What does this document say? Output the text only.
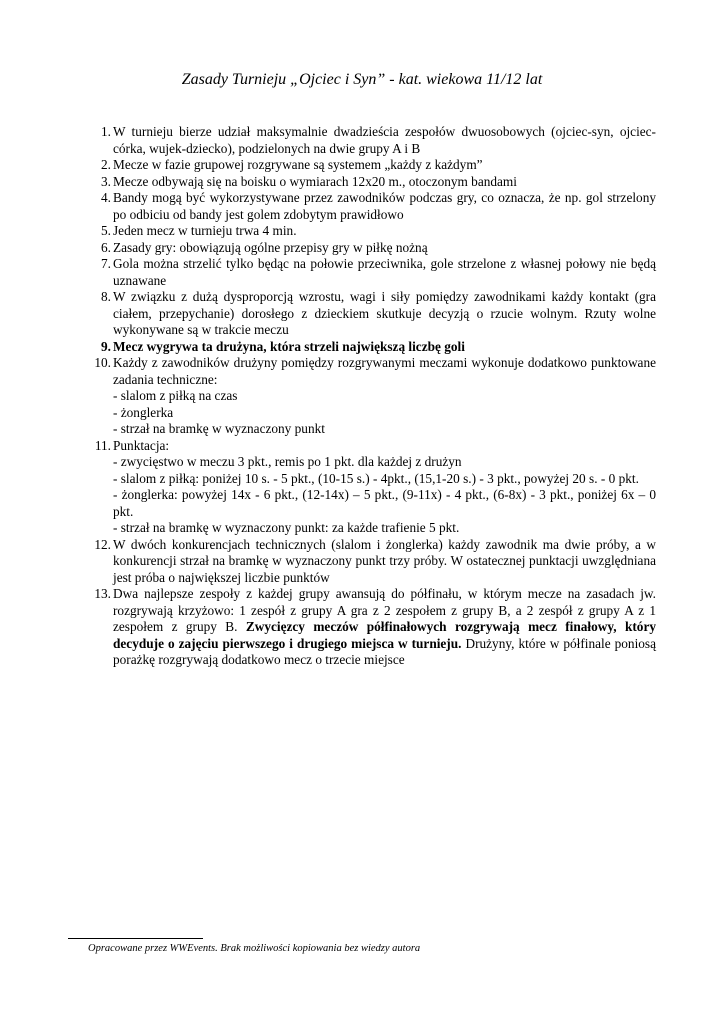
Zasady Turnieju „Ojciec i Syn” - kat. wiekowa 11/12 lat
1. W turnieju bierze udział maksymalnie dwadzieścia zespołów dwuosobowych (ojciec-syn, ojciec-córka, wujek-dziecko), podzielonych na dwie grupy A i B
2. Mecze w fazie grupowej rozgrywane są systemem „każdy z każdym”
3. Mecze odbywają się na boisku o wymiarach 12x20 m., otoczonym bandami
4. Bandy mogą być wykorzystywane przez zawodników podczas gry, co oznacza, że np. gol strzelony po odbiciu od bandy jest golem zdobytym prawidłowo
5. Jeden mecz w turnieju trwa 4 min.
6. Zasady gry: obowiązują ogólne przepisy gry w piłkę nożną
7. Gola można strzelić tylko będąc na połowie przeciwnika, gole strzelone z własnej połowy nie będą uznawane
8. W związku z dużą dysproporcją wzrostu, wagi i siły pomiędzy zawodnikami każdy kontakt (gra ciałem, przepychanie) dorosłego z dzieckiem skutkuje decyzją o rzucie wolnym. Rzuty wolne wykonywane są w trakcie meczu
9. Mecz wygrywa ta drużyna, która strzeli największą liczbę goli
10. Każdy z zawodników drużyny pomiędzy rozgrywanymi meczami wykonuje dodatkowo punktowane zadania techniczne:
- slalom z piłką na czas
- żonglerka
- strzał na bramkę w wyznaczony punkt
11. Punktacja:
- zwycięstwo w meczu 3 pkt., remis po 1 pkt. dla każdej z drużyn
- slalom z piłką: poniżej 10 s. - 5 pkt., (10-15 s.) - 4pkt., (15,1-20 s.) - 3 pkt., powyżej 20 s. - 0 pkt.
- żonglerka: powyżej 14x - 6 pkt., (12-14x) – 5 pkt., (9-11x) - 4 pkt., (6-8x) - 3 pkt., poniżej 6x – 0 pkt.
- strzał na bramkę w wyznaczony punkt: za każde trafienie 5 pkt.
12. W dwóch konkurencjach technicznych (slalom i żonglerka) każdy zawodnik ma dwie próby, a w konkurencji strzał na bramkę w wyznaczony punkt trzy próby. W ostatecznej punktacji uwzględniana jest próba o największej liczbie punktów
13. Dwa najlepsze zespoły z każdej grupy awansują do półfinału, w którym mecze na zasadach jw. rozgrywają krzyżowo: 1 zespół z grupy A gra z 2 zespołem z grupy B, a 2 zespół z grupy A z 1 zespołem z grupy B. Zwycięzcy meczów półfinałowych rozgrywają mecz finałowy, który decyduje o zajęciu pierwszego i drugiego miejsca w turnieju. Drużyny, które w półfinale poniosą porażkę rozgrywają dodatkowo mecz o trzecie miejsce
Opracowane przez WWEvents. Brak możliwości kopiowania bez wiedzy autora
